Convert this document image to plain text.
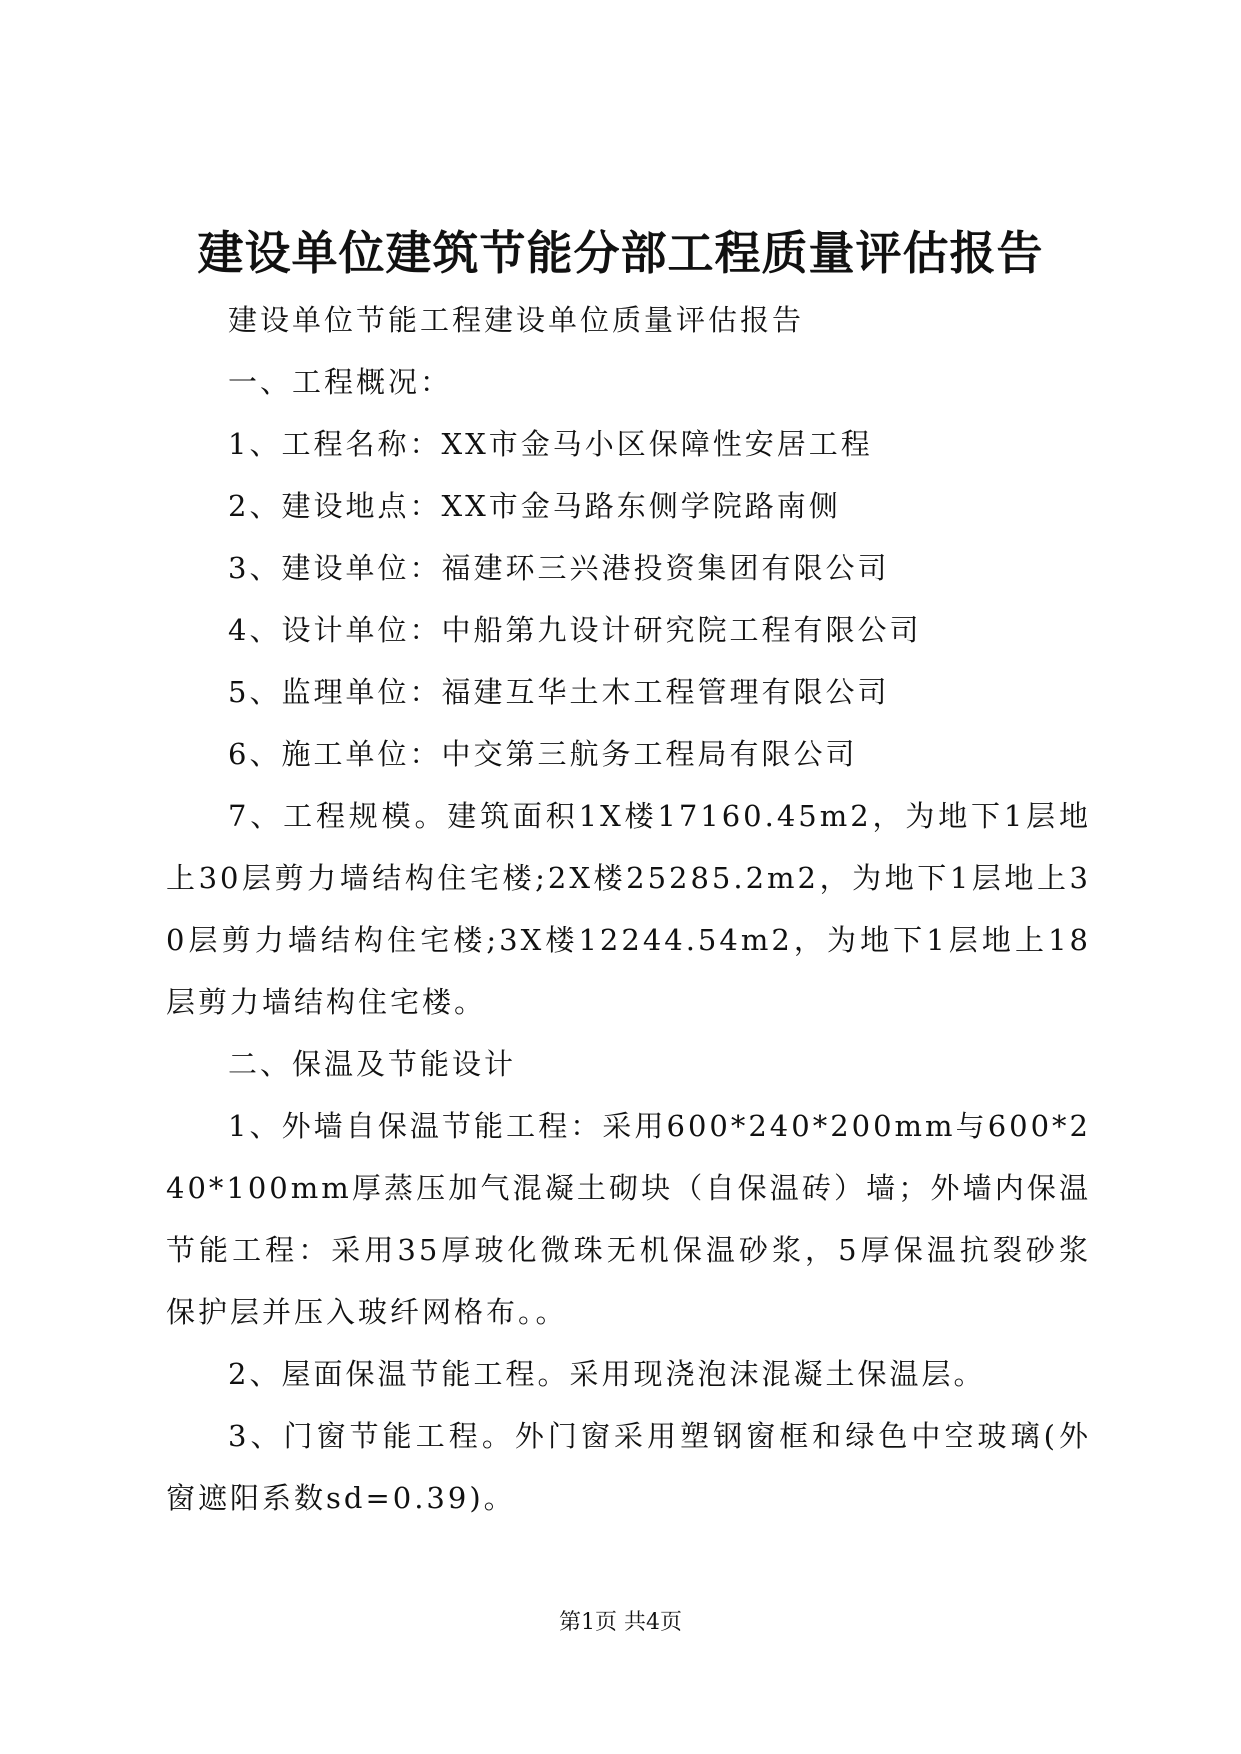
建设单位建筑节能分部工程质量评估报告

建设单位节能工程建设单位质量评估报告

一、工程概况：

1、工程名称：XX市金马小区保障性安居工程

2、建设地点：XX市金马路东侧学院路南侧

3、建设单位：福建环三兴港投资集团有限公司

4、设计单位：中船第九设计研究院工程有限公司

5、监理单位：福建互华土木工程管理有限公司

6、施工单位：中交第三航务工程局有限公司

7、工程规模。建筑面积1X楼17160.45m2，为地下1层地上30层剪力墙结构住宅楼;2X楼25285.2m2，为地下1层地上30层剪力墙结构住宅楼;3X楼12244.54m2，为地下1层地上18层剪力墙结构住宅楼。

二、保温及节能设计

1、外墙自保温节能工程：采用600*240*200mm与600*240*100mm厚蒸压加气混凝土砌块（自保温砖）墙；外墙内保温节能工程：采用35厚玻化微珠无机保温砂浆，5厚保温抗裂砂浆保护层并压入玻纤网格布。。

2、屋面保温节能工程。采用现浇泡沫混凝土保温层。

3、门窗节能工程。外门窗采用塑钢窗框和绿色中空玻璃(外窗遮阳系数sd=0.39)。

第1页 共4页
